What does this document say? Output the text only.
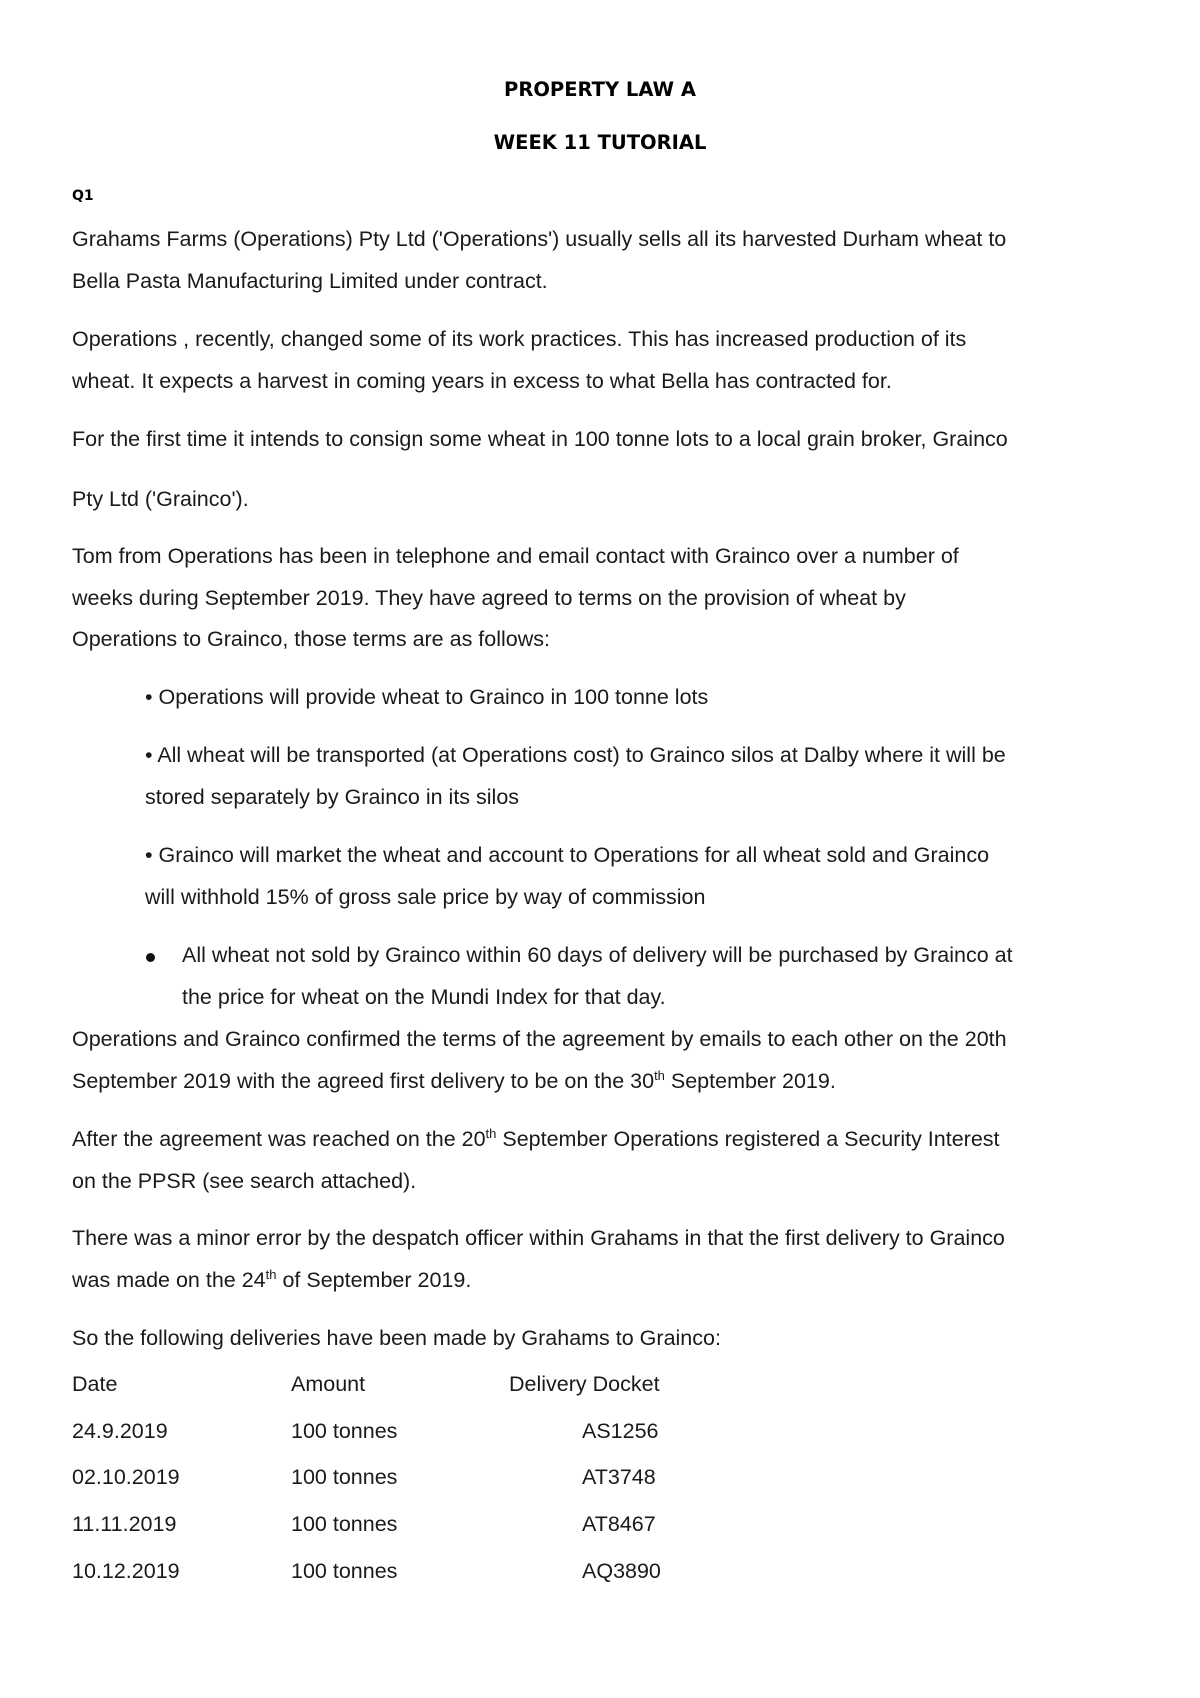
PROPERTY LAW A
WEEK 11 TUTORIAL
Q1
Grahams Farms (Operations) Pty Ltd ('Operations') usually sells all its harvested Durham wheat to
Bella Pasta Manufacturing Limited under contract.
Operations , recently, changed some of its work practices. This has increased production of its
wheat. It expects a harvest in coming years in excess to what Bella has contracted for.
For the first time it intends to consign some wheat in 100 tonne lots to a local grain broker, Grainco
Pty Ltd ('Grainco').
Tom from Operations has been in telephone and email contact with Grainco over a number of
weeks during September 2019. They have agreed to terms on the provision of wheat by
Operations to Grainco, those terms are as follows:
• Operations will provide wheat to Grainco in 100 tonne lots
• All wheat will be transported (at Operations cost) to Grainco silos at Dalby where it will be
stored separately by Grainco in its silos
• Grainco will market the wheat and account to Operations for all wheat sold and Grainco
will withhold 15% of gross sale price by way of commission
All wheat not sold by Grainco within 60 days of delivery will be purchased by Grainco at
the price for wheat on the Mundi Index for that day.
Operations and Grainco confirmed the terms of the agreement by emails to each other on the 20th
September 2019 with the agreed first delivery to be on the 30th September 2019.
After the agreement was reached on the 20th September Operations registered a Security Interest
on the PPSR (see search attached).
There was a minor error by the despatch officer within Grahams in that the first delivery to Grainco
was made on the 24th of September 2019.
So the following deliveries have been made by Grahams to Grainco:
Date	Amount	Delivery Docket
24.9.2019	100 tonnes	AS1256
02.10.2019	100 tonnes	AT3748
11.11.2019	100 tonnes	AT8467
10.12.2019	100 tonnes	AQ3890
